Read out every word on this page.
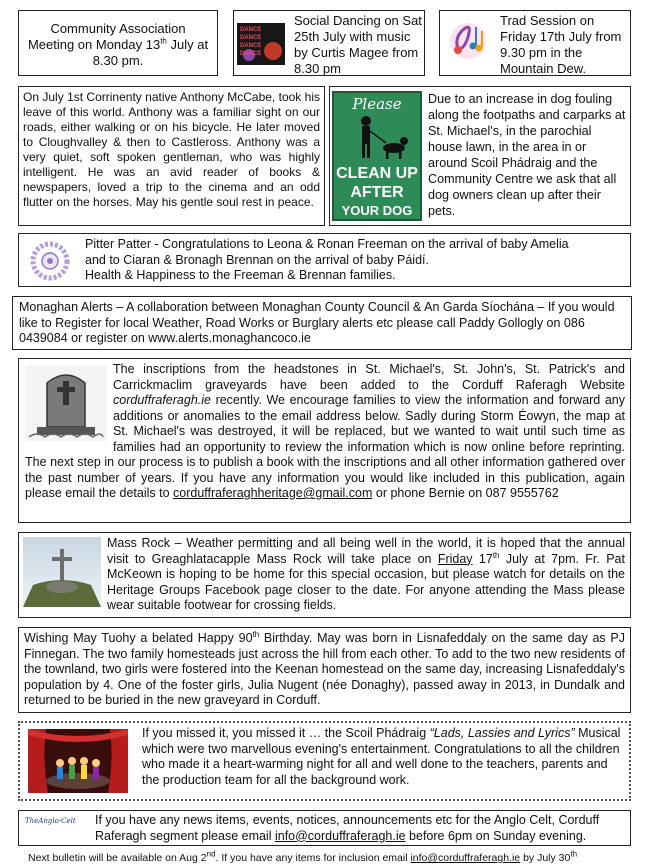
Community Association
Meeting on Monday 13th July at
8.30 pm.
DANCE
DANCE
DANCE
DANCE
Social Dancing on Sat 25th July with music by Curtis Magee from 8.30 pm
Trad Session on Friday 17th July from 9.30 pm in the Mountain Dew.
On July 1st Corrinenty native Anthony McCabe, took his leave of this world. Anthony was a familiar sight on our roads, either walking or on his bicycle. He later moved to Cloughvalley & then to Castleross. Anthony was a very quiet, soft spoken gentleman, who was highly intelligent. He was an avid reader of books & newspapers, loved a trip to the cinema and an odd flutter on the horses. May his gentle soul rest in peace.
Please
CLEAN UP
AFTER
YOUR DOG
Due to an increase in dog fouling along the footpaths and carparks at St. Michael's, in the parochial house lawn, in the area in or around Scoil Phádraig and the Community Centre we ask that all dog owners clean up after their pets.
Pitter Patter - Congratulations to Leona & Ronan Freeman on the arrival of baby Amelia
and to Ciaran & Bronagh Brennan on the arrival of baby Páidí.
Health & Happiness to the Freeman & Brennan families.
Monaghan Alerts – A collaboration between Monaghan County Council & An Garda Síochána – If you would like to Register for local Weather, Road Works or Burglary alerts etc please call Paddy Gollogly on 086 0439084 or register on www.alerts.monaghancoco.ie
The inscriptions from the headstones in St. Michael's, St. John's, St. Patrick's and Carrickmaclim graveyards have been added to the Corduff Raferagh Website corduffraferagh.ie recently. We encourage families to view the information and forward any additions or anomalies to the email address below. Sadly during Storm Éowyn, the map at St. Michael's was destroyed, it will be replaced, but we wanted to wait until such time as families had an opportunity to review the information which is now online before reprinting. The next step in our process is to publish a book with the inscriptions and all other information gathered over the past number of years. If you have any information you would like included in this publication, again please email the details to corduffraferaghheritage@gmail.com or phone Bernie on 087 9555762
Mass Rock – Weather permitting and all being well in the world, it is hoped that the annual visit to Greaghlatacapple Mass Rock will take place on Friday 17th July at 7pm. Fr. Pat McKeown is hoping to be home for this special occasion, but please watch for details on the Heritage Groups Facebook page closer to the date. For anyone attending the Mass please wear suitable footwear for crossing fields.
Wishing May Tuohy a belated Happy 90th Birthday. May was born in Lisnafeddaly on the same day as PJ Finnegan. The two family homesteads just across the hill from each other. To add to the two new residents of the townland, two girls were fostered into the Keenan homestead on the same day, increasing Lisnafeddaly's population by 4. One of the foster girls, Julia Nugent (née Donaghy), passed away in 2013, in Dundalk and returned to be buried in the new graveyard in Corduff.
If you missed it, you missed it … the Scoil Phádraig “Lads, Lassies and Lyrics” Musical which were two marvellous evening's entertainment. Congratulations to all the children who made it a heart-warming night for all and well done to the teachers, parents and the production team for all the background work.
TheAnglo-Celt If you have any news items, events, notices, announcements etc for the Anglo Celt, Corduff Raferagh segment please email info@corduffraferagh.ie before 6pm on Sunday evening.
Next bulletin will be available on Aug 2nd. If you have any items for inclusion email info@corduffraferagh.ie by July 30th
